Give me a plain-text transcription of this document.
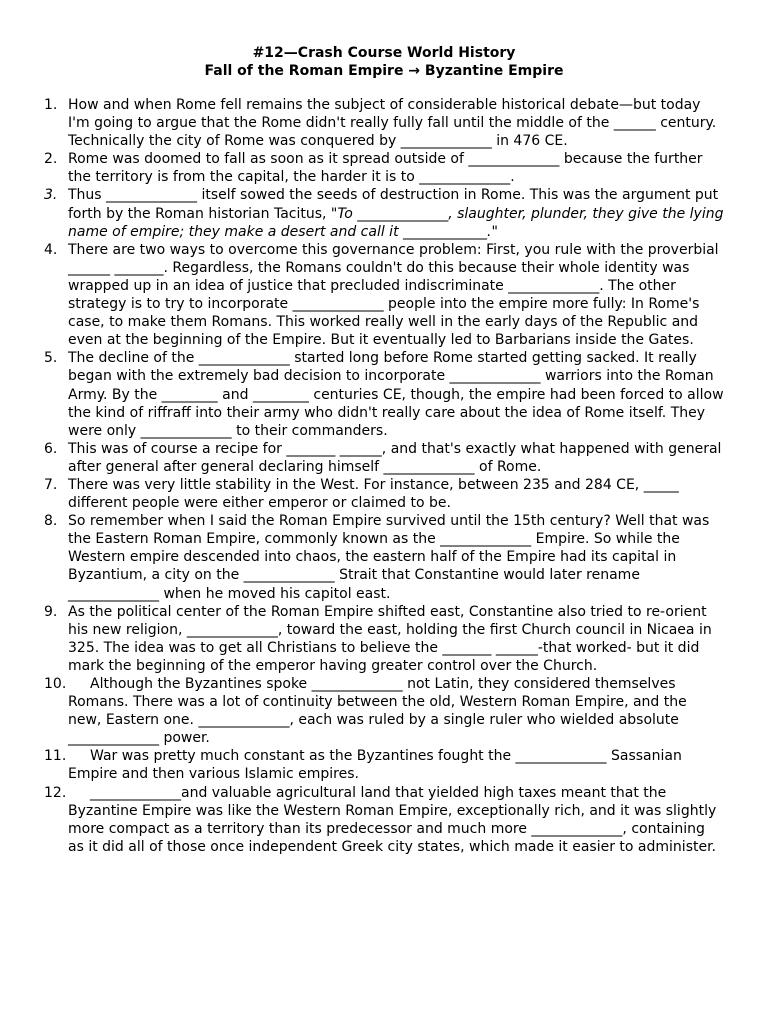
#12—Crash Course World History

Fall of the Roman Empire → Byzantine Empire

1. How and when Rome fell remains the subject of considerable historical debate—but today I'm going to argue that the Rome didn't really fully fall until the middle of the ______ century. Technically the city of Rome was conquered by _____________ in 476 CE.
2. Rome was doomed to fall as soon as it spread outside of _____________ because the further the territory is from the capital, the harder it is to _____________.
3. Thus _____________ itself sowed the seeds of destruction in Rome. This was the argument put forth by the Roman historian Tacitus, "To _____________, slaughter, plunder, they give the lying name of empire; they make a desert and call it ____________."
4. There are two ways to overcome this governance problem: First, you rule with the proverbial ______ _______. Regardless, the Romans couldn't do this because their whole identity was wrapped up in an idea of justice that precluded indiscriminate _____________. The other strategy is to try to incorporate _____________ people into the empire more fully: In Rome's case, to make them Romans. This worked really well in the early days of the Republic and even at the beginning of the Empire. But it eventually led to Barbarians inside the Gates.
5. The decline of the _____________ started long before Rome started getting sacked. It really began with the extremely bad decision to incorporate _____________ warriors into the Roman Army. By the ________ and ________ centuries CE, though, the empire had been forced to allow the kind of riffraff into their army who didn't really care about the idea of Rome itself. They were only _____________ to their commanders.
6. This was of course a recipe for _______ ______, and that's exactly what happened with general after general after general declaring himself _____________ of Rome.
7. There was very little stability in the West. For instance, between 235 and 284 CE, _____ different people were either emperor or claimed to be.
8. So remember when I said the Roman Empire survived until the 15th century? Well that was the Eastern Roman Empire, commonly known as the _____________ Empire. So while the Western empire descended into chaos, the eastern half of the Empire had its capital in Byzantium, a city on the _____________ Strait that Constantine would later rename _____________ when he moved his capitol east.
9. As the political center of the Roman Empire shifted east, Constantine also tried to re-orient his new religion, _____________, toward the east, holding the first Church council in Nicaea in 325. The idea was to get all Christians to believe the _______ ______-that worked- but it did mark the beginning of the emperor having greater control over the Church.
10. Although the Byzantines spoke _____________ not Latin, they considered themselves Romans. There was a lot of continuity between the old, Western Roman Empire, and the new, Eastern one. _____________, each was ruled by a single ruler who wielded absolute _____________ power.
11. War was pretty much constant as the Byzantines fought the _____________ Sassanian Empire and then various Islamic empires.
12. _____________and valuable agricultural land that yielded high taxes meant that the Byzantine Empire was like the Western Roman Empire, exceptionally rich, and it was slightly more compact as a territory than its predecessor and much more _____________, containing as it did all of those once independent Greek city states, which made it easier to administer.
